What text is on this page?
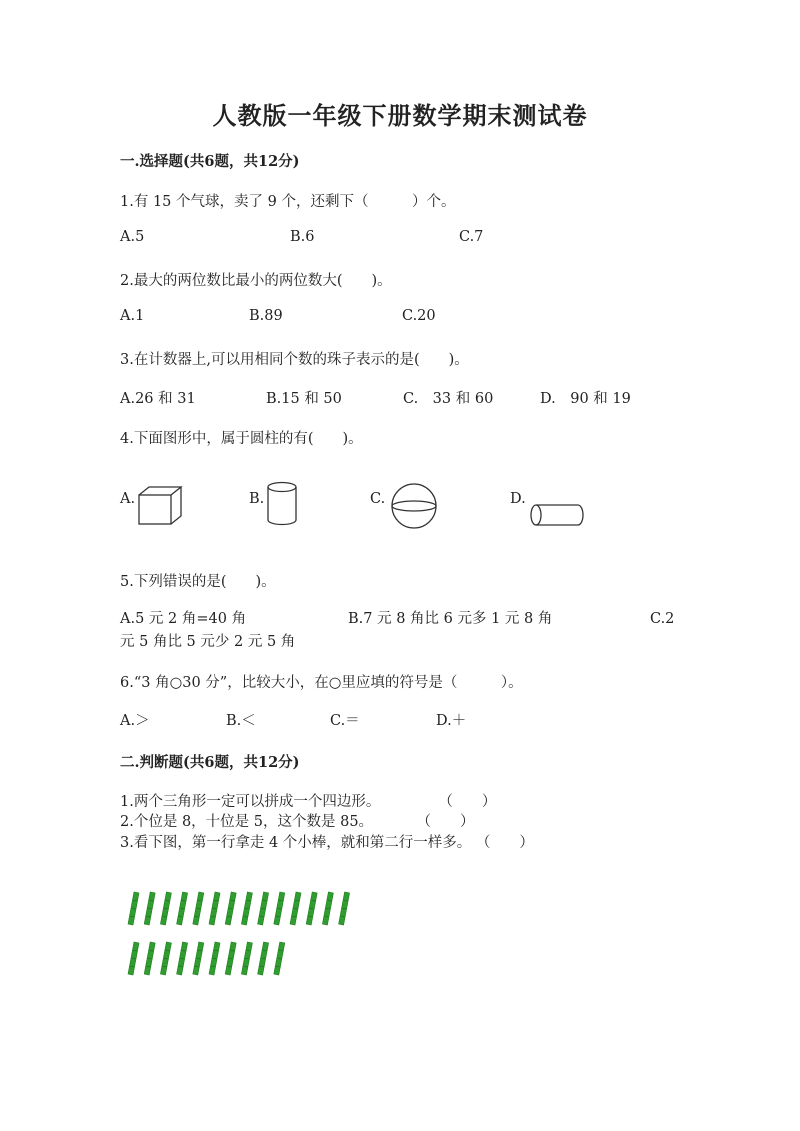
人教版一年级下册数学期末测试卷
一.选择题(共6题，共12分)
1.有 15 个气球，卖了 9 个，还剩下（　　　）个。
A.5	B.6	C.7
2.最大的两位数比最小的两位数大(　　)。
A.1	B.89	C.20
3.在计数器上,可以用相同个数的珠子表示的是(　　)。
A.26 和 31	B.15 和 50	C.　33 和 60	D.　90 和 19
4.下面图形中，属于圆柱的有(　　)。
A.	B.	C.	D.
5.下列错误的是(　　)。
A.5 元 2 角=40 角	B.7 元 8 角比 6 元多 1 元 8 角	C.2

元 5 角比 5 元少 2 元 5 角
6.“3 角○30 分”，比较大小，在○里应填的符号是（　　　）。
A.＞	B.＜	C.＝	D.＋
二.判断题(共6题，共12分)
1.两个三角形一定可以拼成一个四边形。　　　　　（　　）
2.个位是 8，十位是 5，这个数是 85。　　　　（　　）
3.看下图，第一行拿走 4 个小棒，就和第二行一样多。 （　　）
